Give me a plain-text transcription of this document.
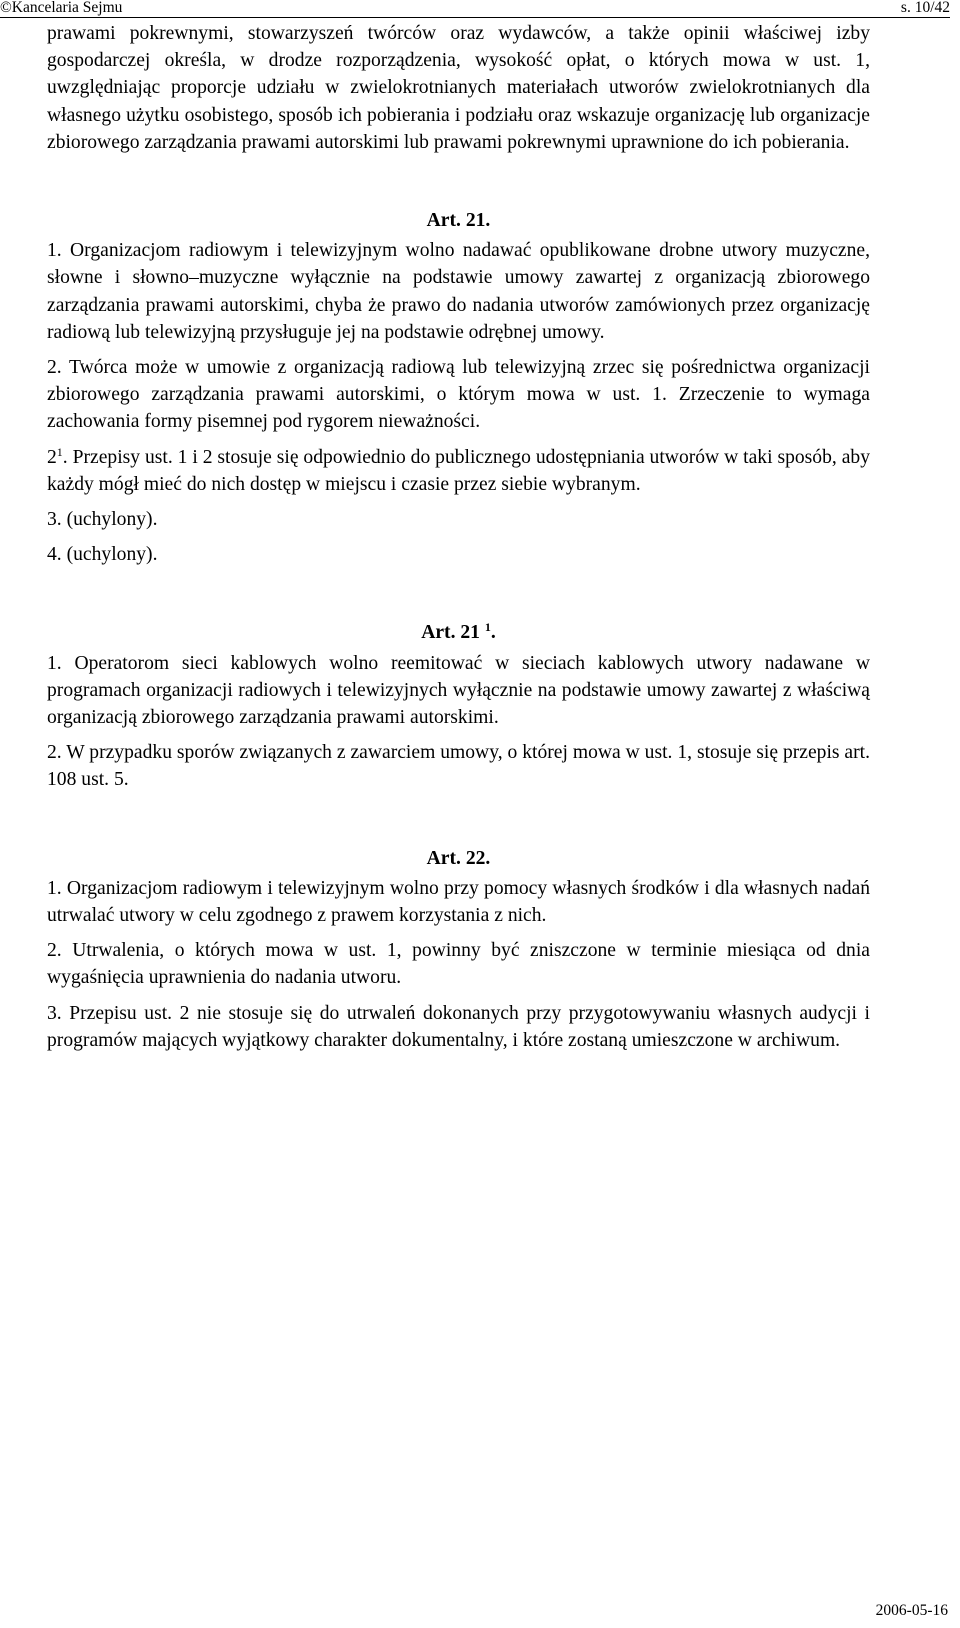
©Kancelaria Sejmu	s. 10/42

prawami pokrewnymi, stowarzyszeń twórców oraz wydawców, a także opinii właściwej izby gospodarczej określa, w drodze rozporządzenia, wysokość opłat, o których mowa w ust. 1, uwzględniając proporcje udziału w zwielokrotnianych materiałach utworów zwielokrotnianych dla własnego użytku osobistego, sposób ich pobierania i podziału oraz wskazuje organizację lub organizacje zbiorowego zarządzania prawami autorskimi lub prawami pokrewnymi uprawnione do ich pobierania.

Art. 21.

1. Organizacjom radiowym i telewizyjnym wolno nadawać opublikowane drobne utwory muzyczne, słowne i słowno–muzyczne wyłącznie na podstawie umowy zawartej z organizacją zbiorowego zarządzania prawami autorskimi, chyba że prawo do nadania utworów zamówionych przez organizację radiową lub telewizyjną przysługuje jej na podstawie odrębnej umowy.

2. Twórca może w umowie z organizacją radiową lub telewizyjną zrzec się pośrednictwa organizacji zbiorowego zarządzania prawami autorskimi, o którym mowa w ust. 1. Zrzeczenie to wymaga zachowania formy pisemnej pod rygorem nieważności.

$2^1$. Przepisy ust. 1 i 2 stosuje się odpowiednio do publicznego udostępniania utworów w taki sposób, aby każdy mógł mieć do nich dostęp w miejscu i czasie przez siebie wybranym.

3. (uchylony).

4. (uchylony).

Art. 21 $^1$.

1. Operatorom sieci kablowych wolno reemitować w sieciach kablowych utwory nadawane w programach organizacji radiowych i telewizyjnych wyłącznie na podstawie umowy zawartej z właściwą organizacją zbiorowego zarządzania prawami autorskimi.

2. W przypadku sporów związanych z zawarciem umowy, o której mowa w ust. 1, stosuje się przepis art. 108 ust. 5.

Art. 22.

1. Organizacjom radiowym i telewizyjnym wolno przy pomocy własnych środków i dla własnych nadań utrwalać utwory w celu zgodnego z prawem korzystania z nich.

2. Utrwalenia, o których mowa w ust. 1, powinny być zniszczone w terminie miesiąca od dnia wygaśnięcia uprawnienia do nadania utworu.

3. Przepisu ust. 2 nie stosuje się do utrwaleń dokonanych przy przygotowywaniu własnych audycji i programów mających wyjątkowy charakter dokumentalny, i które zostaną umieszczone w archiwum.

2006-05-16
